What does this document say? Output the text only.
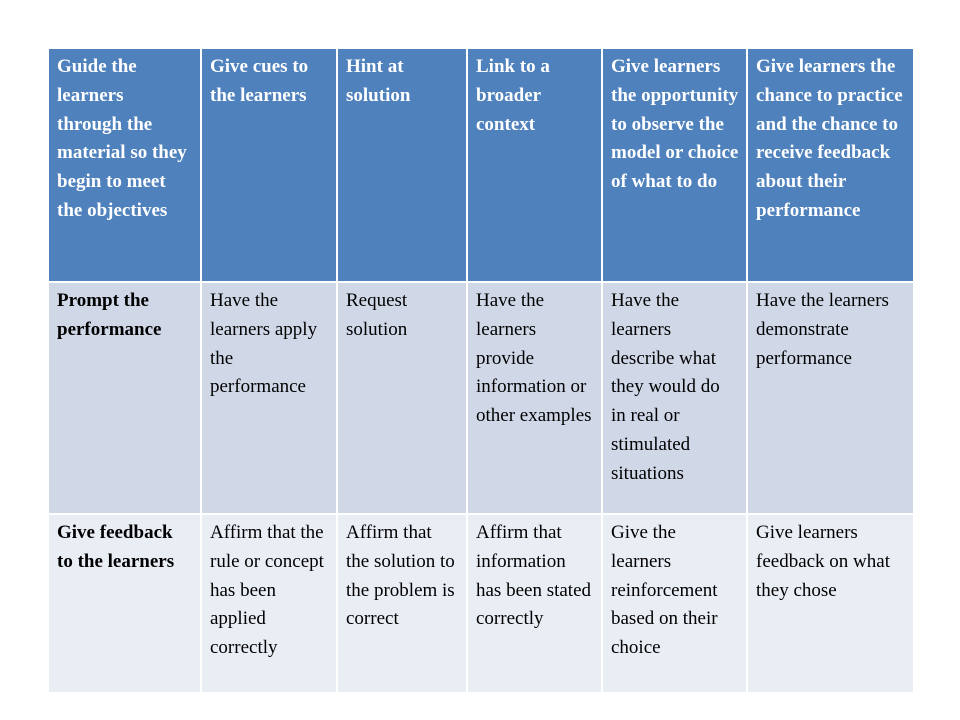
Guide the learners through the material so they begin to meet the objectives	Give cues to the learners	Hint at solution	Link to a broader context	Give learners the opportunity to observe the model or choice of what to do	Give learners the chance to practice and the chance to receive feedback about their performance
Prompt the performance	Have the learners apply the performance	Request solution	Have the learners provide information or other examples	Have the learners describe what they would do in real or stimulated situations	Have the learners demonstrate performance
Give feedback to the learners	Affirm that the rule or concept has been applied correctly	Affirm that the solution to the problem is correct	Affirm that information has been stated correctly	Give the learners reinforcement based on their choice	Give learners feedback on what they chose
